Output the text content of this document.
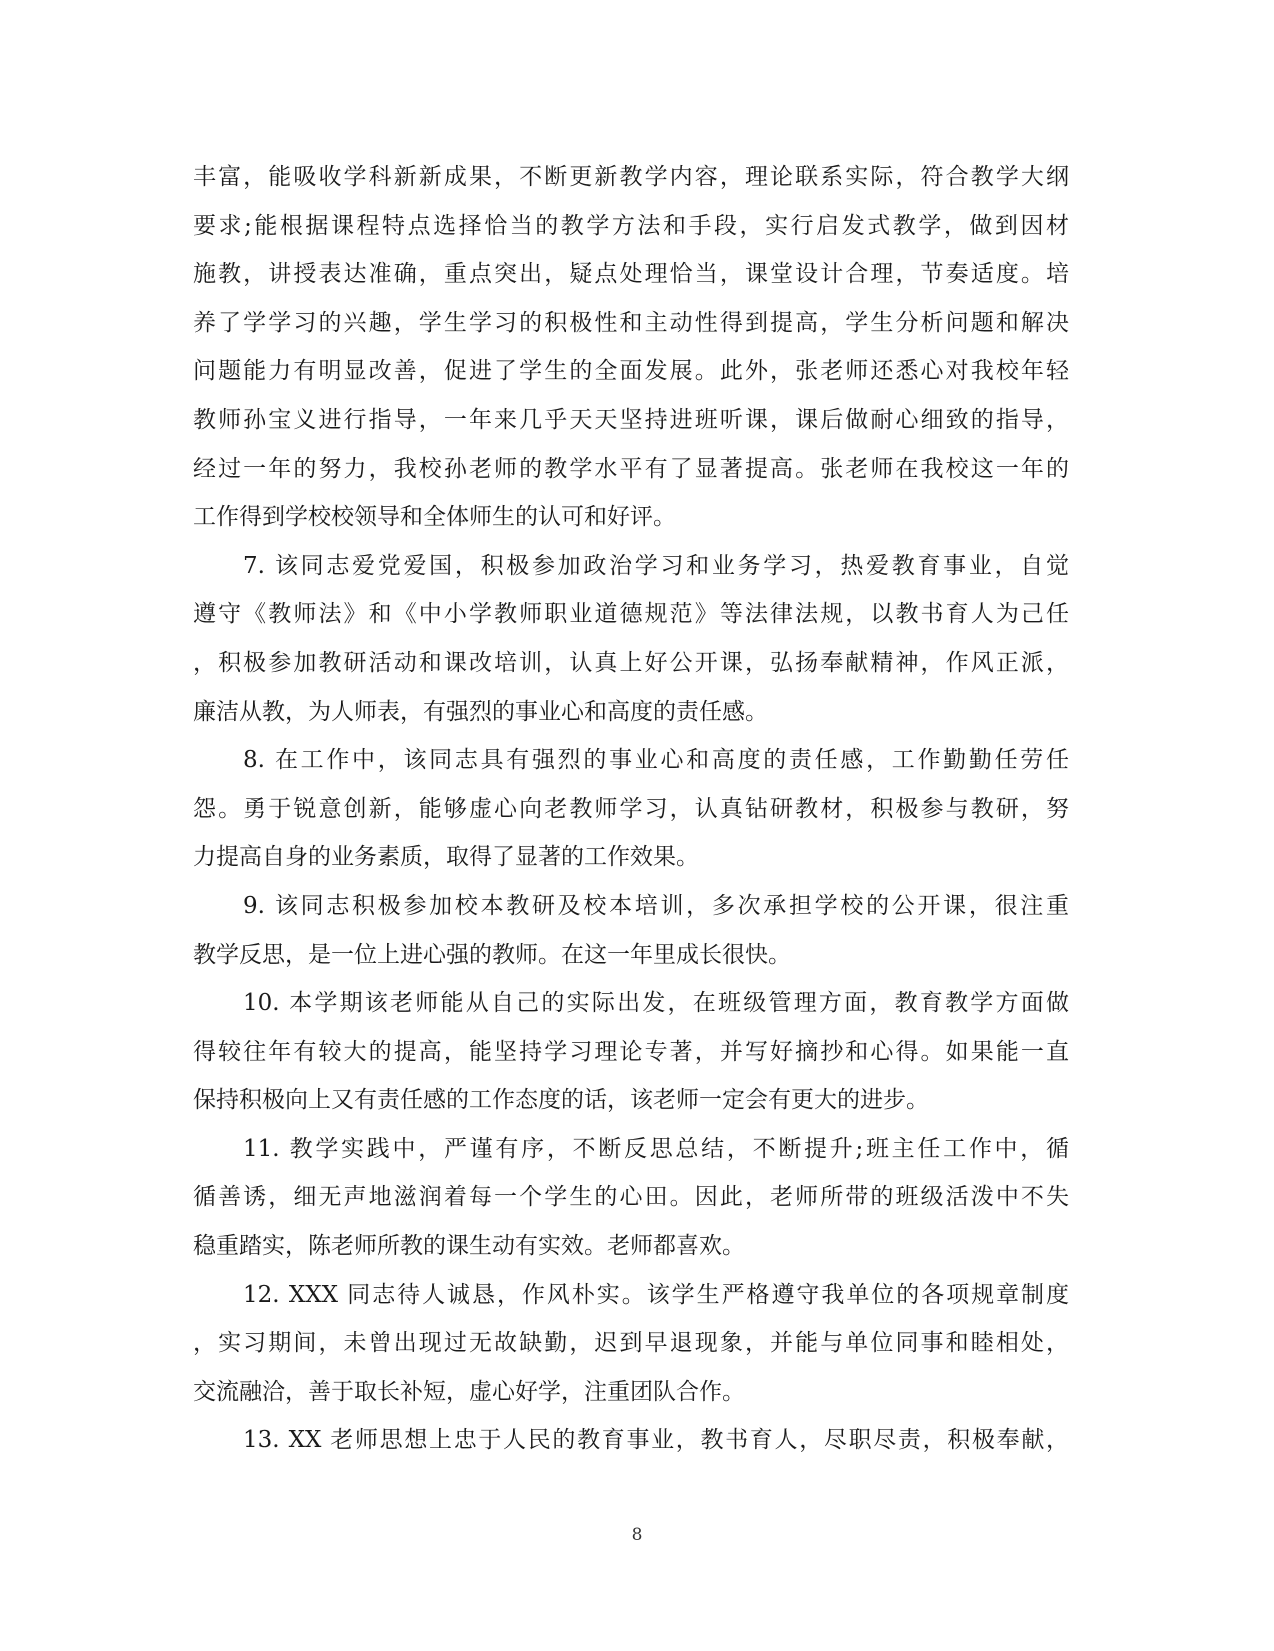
丰富，能吸收学科新新成果，不断更新教学内容，理论联系实际，符合教学大纲
要求;能根据课程特点选择恰当的教学方法和手段，实行启发式教学，做到因材
施教，讲授表达准确，重点突出，疑点处理恰当，课堂设计合理，节奏适度。培
养了学学习的兴趣，学生学习的积极性和主动性得到提高，学生分析问题和解决
问题能力有明显改善，促进了学生的全面发展。此外，张老师还悉心对我校年轻
教师孙宝义进行指导，一年来几乎天天坚持进班听课，课后做耐心细致的指导，
经过一年的努力，我校孙老师的教学水平有了显著提高。张老师在我校这一年的
工作得到学校校领导和全体师生的认可和好评。
7. 该同志爱党爱国，积极参加政治学习和业务学习，热爱教育事业，自觉
遵守《教师法》和《中小学教师职业道德规范》等法律法规，以教书育人为己任
，积极参加教研活动和课改培训，认真上好公开课，弘扬奉献精神，作风正派，
廉洁从教，为人师表，有强烈的事业心和高度的责任感。
8. 在工作中，该同志具有强烈的事业心和高度的责任感，工作勤勤任劳任
怨。勇于锐意创新，能够虚心向老教师学习，认真钻研教材，积极参与教研，努
力提高自身的业务素质，取得了显著的工作效果。
9. 该同志积极参加校本教研及校本培训，多次承担学校的公开课，很注重
教学反思，是一位上进心强的教师。在这一年里成长很快。
10. 本学期该老师能从自己的实际出发，在班级管理方面，教育教学方面做
得较往年有较大的提高，能坚持学习理论专著，并写好摘抄和心得。如果能一直
保持积极向上又有责任感的工作态度的话，该老师一定会有更大的进步。
11. 教学实践中，严谨有序，不断反思总结，不断提升;班主任工作中，循
循善诱，细无声地滋润着每一个学生的心田。因此，老师所带的班级活泼中不失
稳重踏实，陈老师所教的课生动有实效。老师都喜欢。
12. XXX 同志待人诚恳，作风朴实。该学生严格遵守我单位的各项规章制度
，实习期间，未曾出现过无故缺勤，迟到早退现象，并能与单位同事和睦相处，
交流融洽，善于取长补短，虚心好学，注重团队合作。
13. XX 老师思想上忠于人民的教育事业，教书育人，尽职尽责，积极奉献，
8
